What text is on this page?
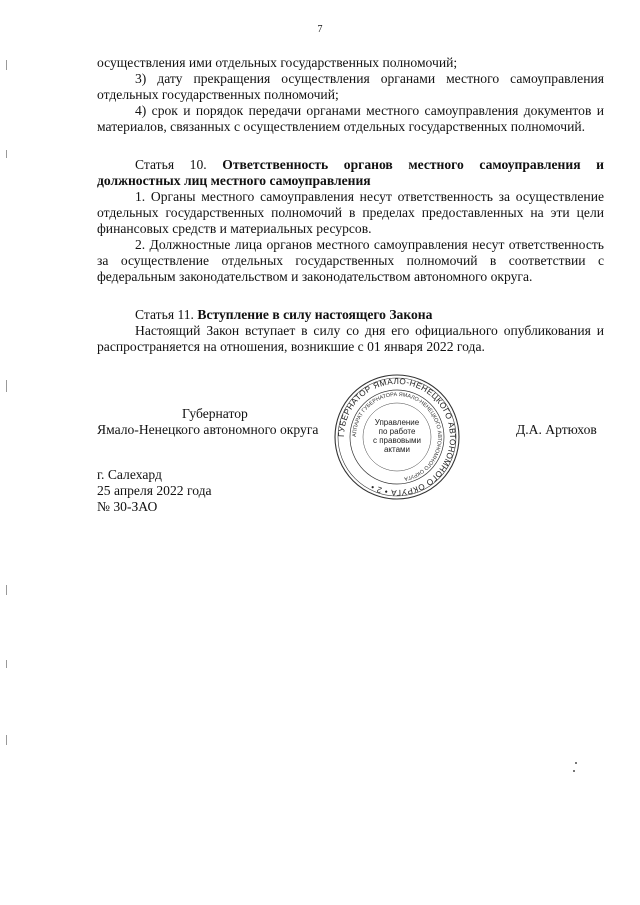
7

осуществления ими отдельных государственных полномочий;

3) дату прекращения осуществления органами местного самоуправления отдельных государственных полномочий;

4) срок и порядок передачи органами местного самоуправления документов и материалов, связанных с осуществлением отдельных государственных полномочий.

Статья 10. Ответственность органов местного самоуправления и должностных лиц местного самоуправления

1. Органы местного самоуправления несут ответственность за осуществление отдельных государственных полномочий в пределах предоставленных на эти цели финансовых средств и материальных ресурсов.

2. Должностные лица органов местного самоуправления несут ответственность за осуществление отдельных государственных полномочий в соответствии с федеральным законодательством и законодательством автономного округа.

Статья 11. Вступление в силу настоящего Закона

Настоящий Закон вступает в силу со дня его официального опубликования и распространяется на отношения, возникшие с 01 января 2022 года.

Губернатор

Ямало-Ненецкого автономного округа	Д.А. Артюхов

ГУБЕРНАТОР ЯМАЛО-НЕНЕЦКОГО АВТОНОМНОГО ОКРУГА • 2 •
АППАРАТ ГУБЕРНАТОРА ЯМАЛО-НЕНЕЦКОГО АВТОНОМНОГО ОКРУГА
Управление
по работе
с правовыми
актами

г. Салехард

25 апреля 2022 года

№ 30-ЗАО
